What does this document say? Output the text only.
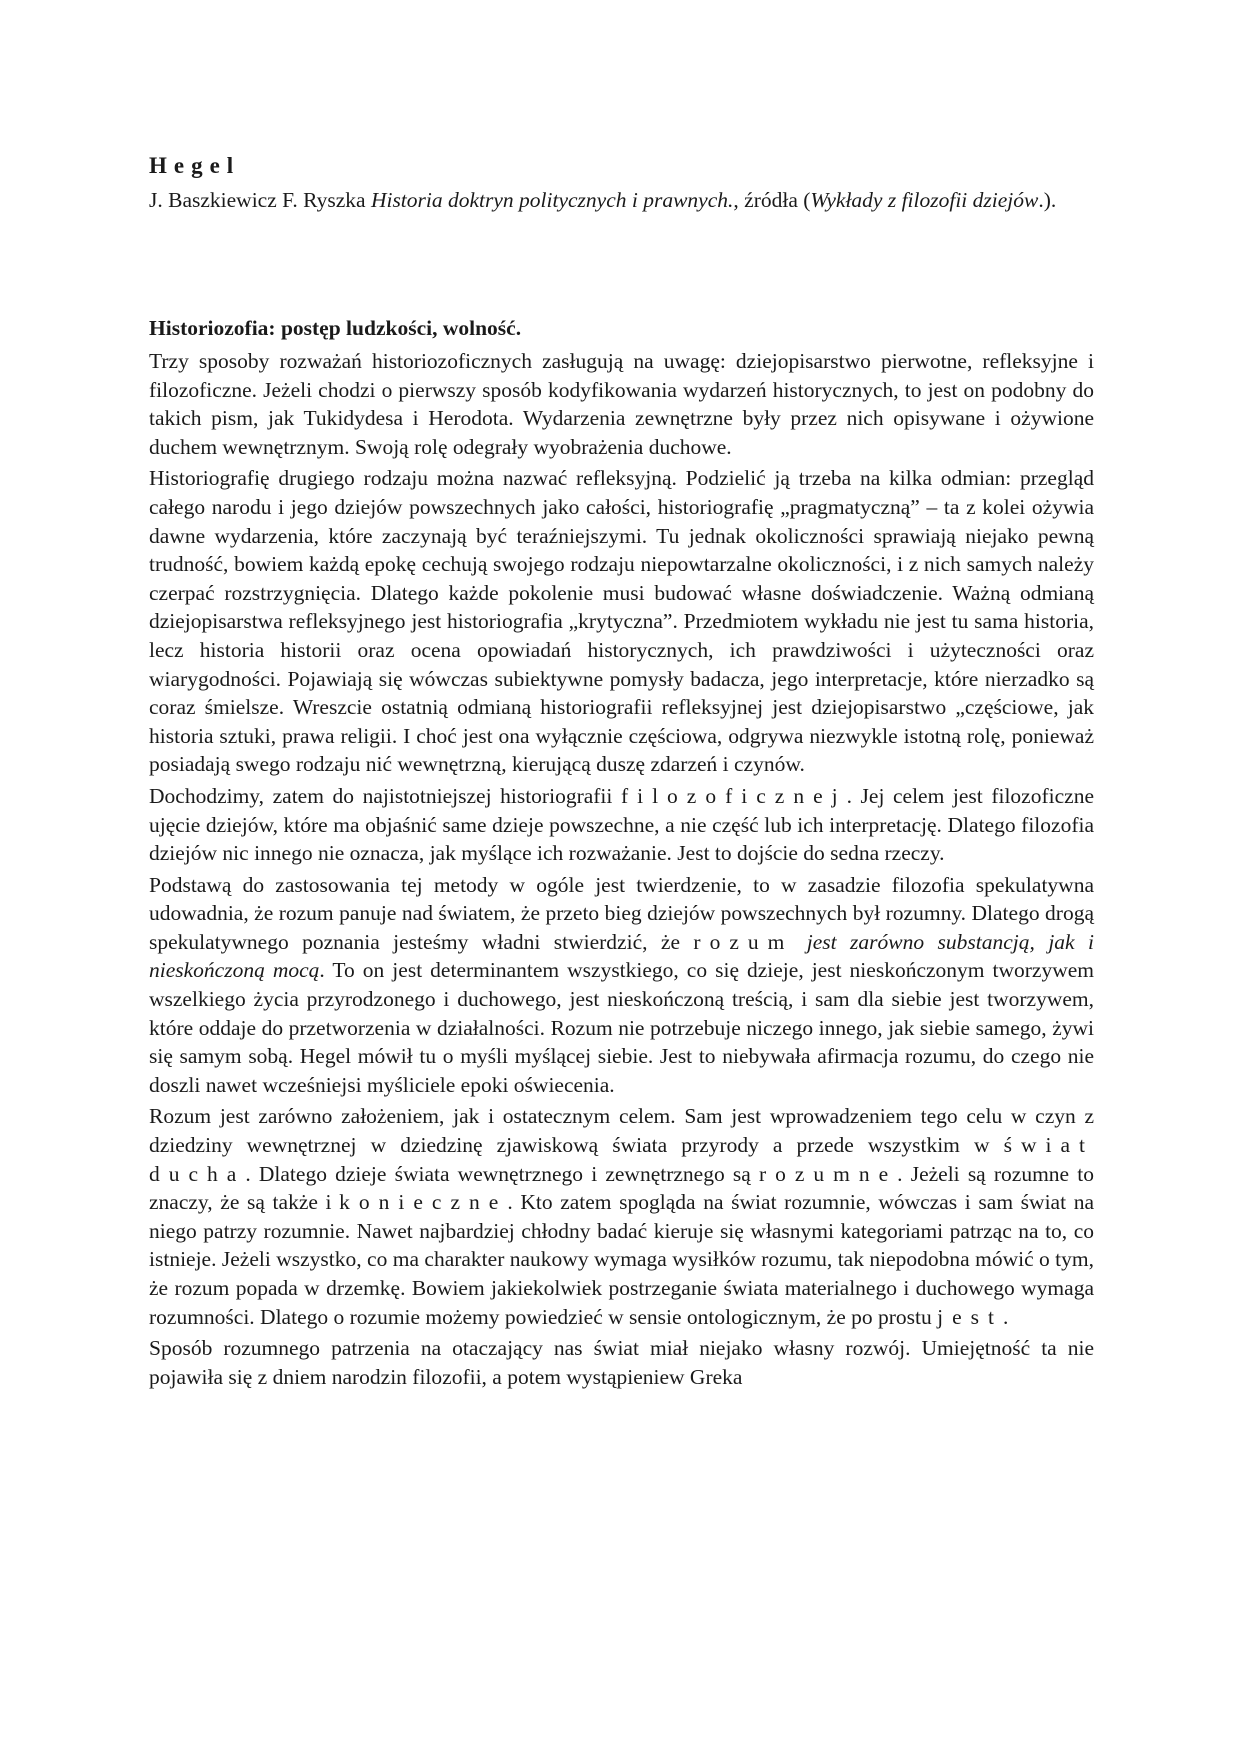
Hegel

J. Baszkiewicz F. Ryszka Historia doktryn politycznych i prawnych., źródła (Wykłady z filozofii dziejów.).

Historiozofia: postęp ludzkości, wolność.

Trzy sposoby rozważań historiozoficznych zasługują na uwagę: dziejopisarstwo pierwotne, refleksyjne i filozoficzne. Jeżeli chodzi o pierwszy sposób kodyfikowania wydarzeń historycznych, to jest on podobny do takich pism, jak Tukidydesa i Herodota. Wydarzenia zewnętrzne były przez nich opisywane i ożywione duchem wewnętrznym. Swoją rolę odegrały wyobrażenia duchowe.

Historiografię drugiego rodzaju można nazwać refleksyjną. Podzielić ją trzeba na kilka odmian: przegląd całego narodu i jego dziejów powszechnych jako całości, historiografię „pragmatyczną” – ta z kolei ożywia dawne wydarzenia, które zaczynają być teraźniejszymi. Tu jednak okoliczności sprawiają niejako pewną trudność, bowiem każdą epokę cechują swojego rodzaju niepowtarzalne okoliczności, i z nich samych należy czerpać rozstrzygnięcia. Dlatego każde pokolenie musi budować własne doświadczenie. Ważną odmianą dziejopisarstwa refleksyjnego jest historiografia „krytyczna”. Przedmiotem wykładu nie jest tu sama historia, lecz historia historii oraz ocena opowiadań historycznych, ich prawdziwości i użyteczności oraz wiarygodności. Pojawiają się wówczas subiektywne pomysły badacza, jego interpretacje, które nierzadko są coraz śmielsze. Wreszcie ostatnią odmianą historiografii refleksyjnej jest dziejopisarstwo „częściowe, jak historia sztuki, prawa religii. I choć jest ona wyłącznie częściowa, odgrywa niezwykle istotną rolę, ponieważ posiadają swego rodzaju nić wewnętrzną, kierującą duszę zdarzeń i czynów.

Dochodzimy, zatem do najistotniejszej historiografii filozoficznej. Jej celem jest filozoficzne ujęcie dziejów, które ma objaśnić same dzieje powszechne, a nie część lub ich interpretację. Dlatego filozofia dziejów nic innego nie oznacza, jak myślące ich rozważanie. Jest to dojście do sedna rzeczy.

Podstawą do zastosowania tej metody w ogóle jest twierdzenie, to w zasadzie filozofia spekulatywna udowadnia, że rozum panuje nad światem, że przeto bieg dziejów powszechnych był rozumny. Dlatego drogą spekulatywnego poznania jesteśmy władni stwierdzić, że rozum jest zarówno substancją, jak i nieskończoną mocą. To on jest determinantem wszystkiego, co się dzieje, jest nieskończonym tworzywem wszelkiego życia przyrodzonego i duchowego, jest nieskończoną treścią, i sam dla siebie jest tworzywem, które oddaje do przetworzenia w działalności. Rozum nie potrzebuje niczego innego, jak siebie samego, żywi się samym sobą. Hegel mówił tu o myśli myślącej siebie. Jest to niebywała afirmacja rozumu, do czego nie doszli nawet wcześniejsi myśliciele epoki oświecenia.

Rozum jest zarówno założeniem, jak i ostatecznym celem. Sam jest wprowadzeniem tego celu w czyn z dziedziny wewnętrznej w dziedzinę zjawiskową świata przyrody a przede wszystkim w świat ducha. Dlatego dzieje świata wewnętrznego i zewnętrznego są rozumne. Jeżeli są rozumne to znaczy, że są także i konieczne. Kto zatem spogląda na świat rozumnie, wówczas i sam świat na niego patrzy rozumnie. Nawet najbardziej chłodny badać kieruje się własnymi kategoriami patrząc na to, co istnieje. Jeżeli wszystko, co ma charakter naukowy wymaga wysiłków rozumu, tak niepodobna mówić o tym, że rozum popada w drzemkę. Bowiem jakiekolwiek postrzeganie świata materialnego i duchowego wymaga rozumności. Dlatego o rozumie możemy powiedzieć w sensie ontologicznym, że po prostu jest.

Sposób rozumnego patrzenia na otaczający nas świat miał niejako własny rozwój. Umiejętność ta nie pojawiła się z dniem narodzin filozofii, a potem wystąpieniew Greka
